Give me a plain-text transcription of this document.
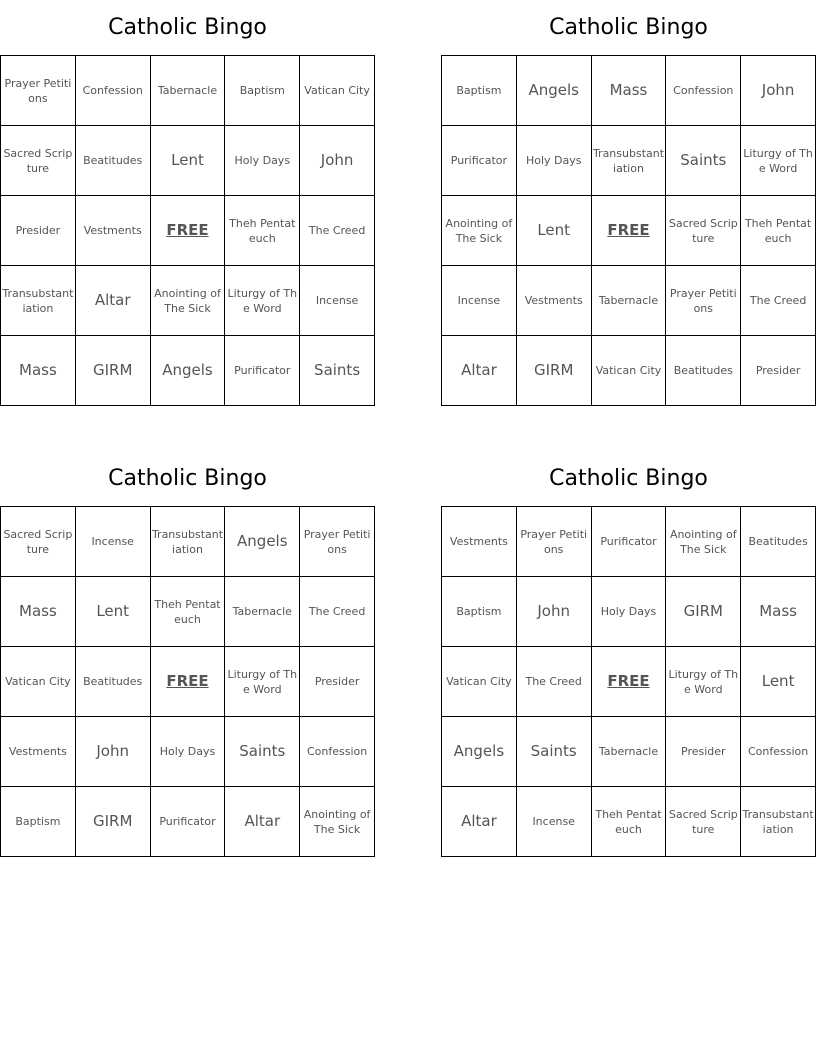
Catholic Bingo
Prayer Petitions	Confession	Tabernacle	Baptism	Vatican City
Sacred Scripture	Beatitudes	Lent	Holy Days	John
Presider	Vestments	FREE	Theh Pentateuch	The Creed
Transubstantiation	Altar	Anointing of The Sick	Liturgy of The Word	Incense
Mass	GIRM	Angels	Purificator	Saints
Catholic Bingo
Baptism	Angels	Mass	Confession	John
Purificator	Holy Days	Transubstantiation	Saints	Liturgy of The Word
Anointing of The Sick	Lent	FREE	Sacred Scripture	Theh Pentateuch
Incense	Vestments	Tabernacle	Prayer Petitions	The Creed
Altar	GIRM	Vatican City	Beatitudes	Presider
Catholic Bingo
Sacred Scripture	Incense	Transubstantiation	Angels	Prayer Petitions
Mass	Lent	Theh Pentateuch	Tabernacle	The Creed
Vatican City	Beatitudes	FREE	Liturgy of The Word	Presider
Vestments	John	Holy Days	Saints	Confession
Baptism	GIRM	Purificator	Altar	Anointing of The Sick
Catholic Bingo
Vestments	Prayer Petitions	Purificator	Anointing of The Sick	Beatitudes
Baptism	John	Holy Days	GIRM	Mass
Vatican City	The Creed	FREE	Liturgy of The Word	Lent
Angels	Saints	Tabernacle	Presider	Confession
Altar	Incense	Theh Pentateuch	Sacred Scripture	Transubstantiation
